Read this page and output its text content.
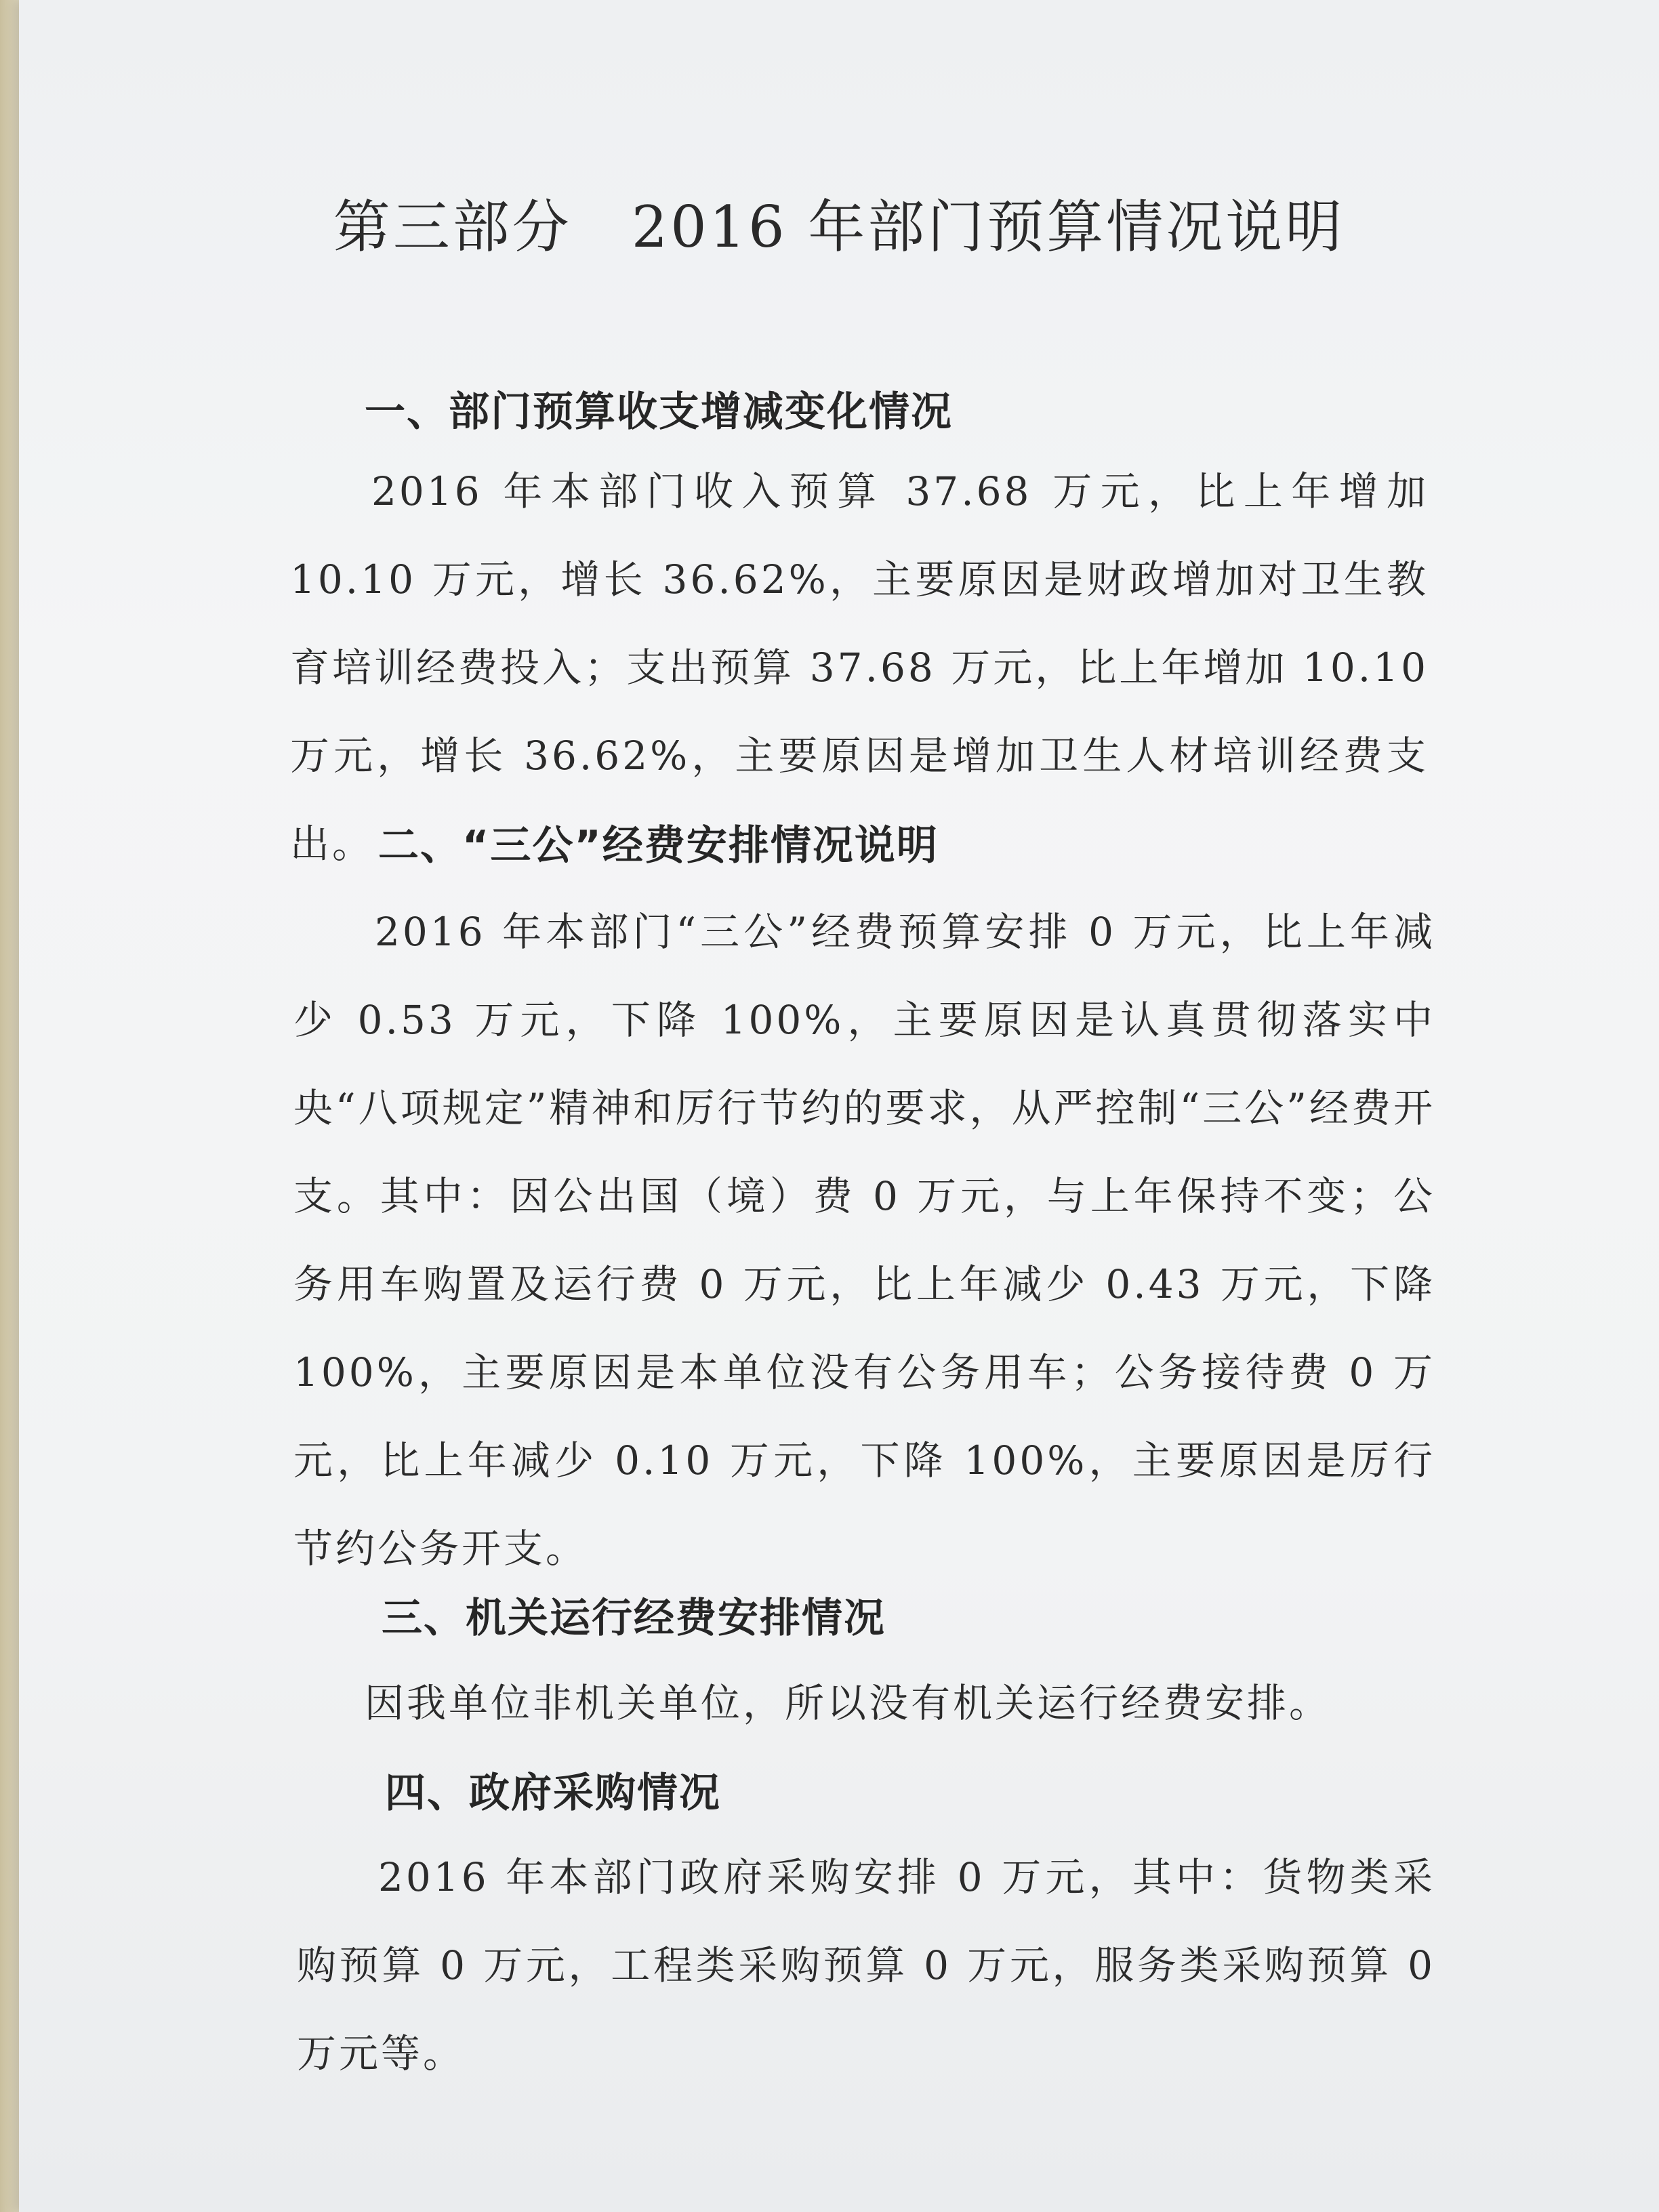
第三部分　2016 年部门预算情况说明
一、部门预算收支增减变化情况

2016 年本部门收入预算 37.68 万元，比上年增加 10.10 万元，增长 36.62%，主要原因是财政增加对卫生教育培训经费投入；支出预算 37.68 万元，比上年增加 10.10 万元，增长 36.62%，主要原因是增加卫生人材培训经费支出。 二、“三公”经费安排情况说明

2016 年本部门“三公”经费预算安排 0 万元，比上年减少 0.53 万元，下降 100%，主要原因是认真贯彻落实中央“八项规定”精神和厉行节约的要求，从严控制“三公”经费开支。其中：因公出国（境）费 0 万元，与上年保持不变；公务用车购置及运行费 0 万元，比上年减少 0.43 万元，下降 100%，主要原因是本单位没有公务用车；公务接待费 0 万元，比上年减少 0.10 万元，下降 100%，主要原因是厉行节约公务开支。

三、机关运行经费安排情况

因我单位非机关单位，所以没有机关运行经费安排。

四、政府采购情况

2016 年本部门政府采购安排 0 万元，其中：货物类采购预算 0 万元，工程类采购预算 0 万元，服务类采购预算 0 万元等。
